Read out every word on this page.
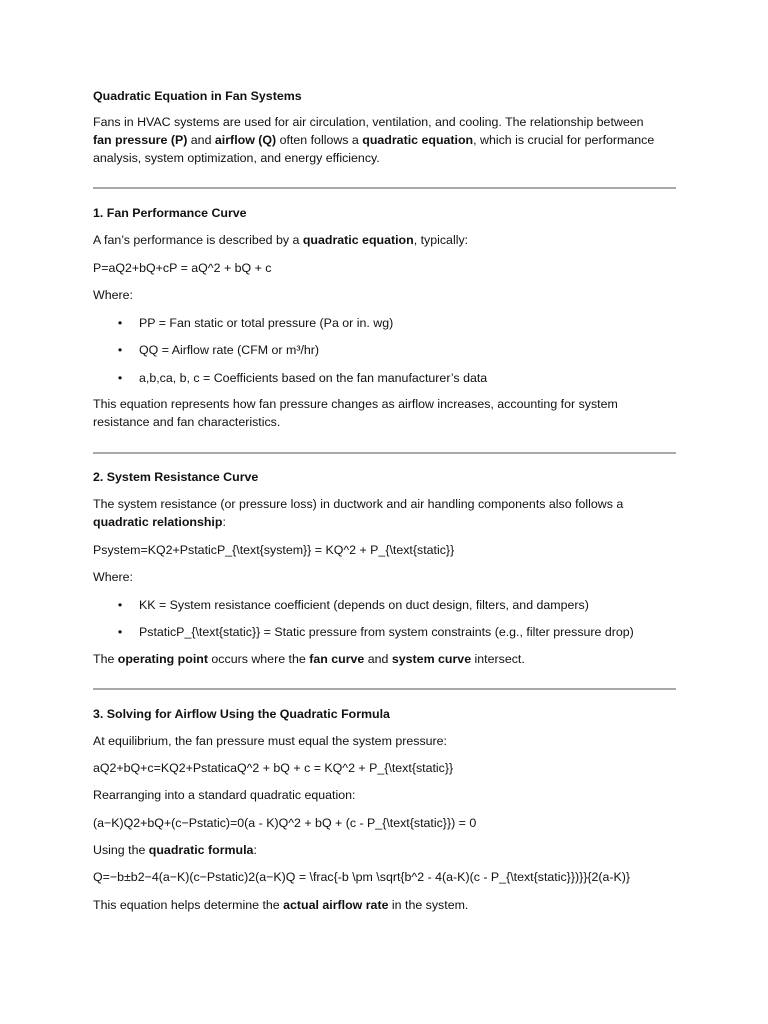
Quadratic Equation in Fan Systems

Fans in HVAC systems are used for air circulation, ventilation, and cooling. The relationship between
fan pressure (P) and airflow (Q) often follows a quadratic equation, which is crucial for performance
analysis, system optimization, and energy efficiency.

1. Fan Performance Curve

A fan’s performance is described by a quadratic equation, typically:

P=aQ2+bQ+cP = aQ^2 + bQ + c

Where:

• PP = Fan static or total pressure (Pa or in. wg)

• QQ = Airflow rate (CFM or m³/hr)

• a,b,ca, b, c = Coefficients based on the fan manufacturer’s data

This equation represents how fan pressure changes as airflow increases, accounting for system
resistance and fan characteristics.

2. System Resistance Curve

The system resistance (or pressure loss) in ductwork and air handling components also follows a
quadratic relationship:

Psystem=KQ2+PstaticP_{\text{system}} = KQ^2 + P_{\text{static}}

Where:

• KK = System resistance coefficient (depends on duct design, filters, and dampers)

• PstaticP_{\text{static}} = Static pressure from system constraints (e.g., filter pressure drop)

The operating point occurs where the fan curve and system curve intersect.

3. Solving for Airflow Using the Quadratic Formula

At equilibrium, the fan pressure must equal the system pressure:

aQ2+bQ+c=KQ2+PstaticaQ^2 + bQ + c = KQ^2 + P_{\text{static}}

Rearranging into a standard quadratic equation:

(a−K)Q2+bQ+(c−Pstatic)=0(a - K)Q^2 + bQ + (c - P_{\text{static}}) = 0

Using the quadratic formula:

Q=−b±b2−4(a−K)(c−Pstatic)2(a−K)Q = \frac{-b \pm \sqrt{b^2 - 4(a-K)(c - P_{\text{static}})}}{2(a-K)}

This equation helps determine the actual airflow rate in the system.
